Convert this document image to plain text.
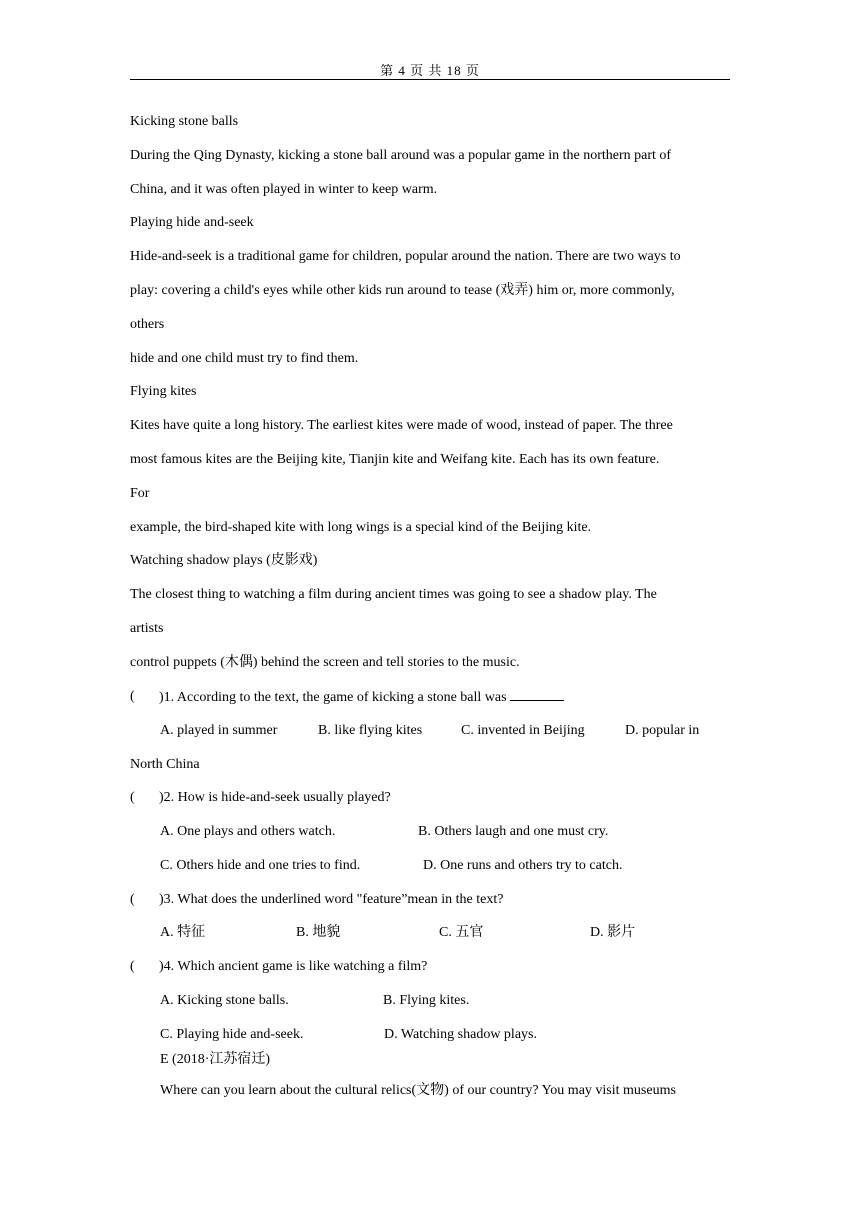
第 4 页 共 18 页
Kicking stone balls
During the Qing Dynasty, kicking a stone ball around was a popular game in the northern part of
China, and it was often played in winter to keep warm.
Playing hide and-seek
Hide-and-seek is a traditional game for children, popular around the nation. There are two ways to
play: covering a child's eyes while other kids run around to tease (戏弄) him or, more commonly,
others
hide and one child must try to find them.
Flying kites
Kites have quite a long history. The earliest kites were made of wood, instead of paper. The three
most famous kites are the Beijing kite, Tianjin kite and Weifang kite. Each has its own feature.
For
example, the bird-shaped kite with long wings is a special kind of the Beijing kite.
Watching shadow plays (皮影戏)
The closest thing to watching a film during ancient times was going to see a shadow play. The
artists
control puppets (木偶) behind the screen and tell stories to the music.
( )1. According to the text, the game of kicking a stone ball was
A. played in summer	B. like flying kites	C. invented in Beijing	D. popular in
North China
( )2. How is hide-and-seek usually played?
A. One plays and others watch.	B. Others laugh and one must cry.
C. Others hide and one tries to find.	D. One runs and others try to catch.
( )3. What does the underlined word "feature”mean in the text?
A. 特征	B. 地貌	C. 五官	D. 影片
( )4. Which ancient game is like watching a film?
A. Kicking stone balls.	B. Flying kites.
C. Playing hide and-seek.	D. Watching shadow plays.
E (2018·江苏宿迁)
Where can you learn about the cultural relics(文物) of our country? You may visit museums
